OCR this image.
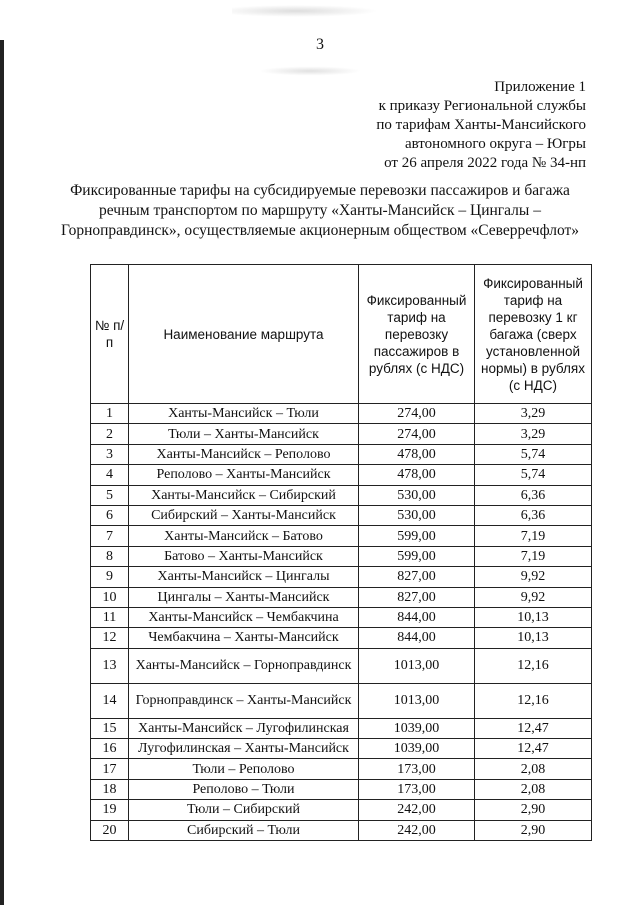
3
Приложение 1
к приказу Региональной службы
по тарифам Ханты-Мансийского
автономного округа – Югры
от 26 апреля 2022 года № 34-нп
Фиксированные тарифы на субсидируемые перевозки пассажиров и багажа речным транспортом по маршруту «Ханты-Мансийск – Цингалы – Горноправдинск», осуществляемые акционерным обществом «Северречфлот»
№ п/п	Наименование маршрута	Фиксированный тариф на перевозку пассажиров в рублях (с НДС)	Фиксированный тариф на перевозку 1 кг багажа (сверх установленной нормы) в рублях (с НДС)
1	Ханты-Мансийск – Тюли	274,00	3,29
2	Тюли – Ханты-Мансийск	274,00	3,29
3	Ханты-Мансийск – Реполово	478,00	5,74
4	Реполово – Ханты-Мансийск	478,00	5,74
5	Ханты-Мансийск – Сибирский	530,00	6,36
6	Сибирский – Ханты-Мансийск	530,00	6,36
7	Ханты-Мансийск – Батово	599,00	7,19
8	Батово – Ханты-Мансийск	599,00	7,19
9	Ханты-Мансийск – Цингалы	827,00	9,92
10	Цингалы – Ханты-Мансийск	827,00	9,92
11	Ханты-Мансийск – Чембакчина	844,00	10,13
12	Чембакчина – Ханты-Мансийск	844,00	10,13
13	Ханты-Мансийск – Горноправдинск	1013,00	12,16
14	Горноправдинск – Ханты-Мансийск	1013,00	12,16
15	Ханты-Мансийск – Лугофилинская	1039,00	12,47
16	Лугофилинская – Ханты-Мансийск	1039,00	12,47
17	Тюли – Реполово	173,00	2,08
18	Реполово – Тюли	173,00	2,08
19	Тюли – Сибирский	242,00	2,90
20	Сибирский – Тюли	242,00	2,90
